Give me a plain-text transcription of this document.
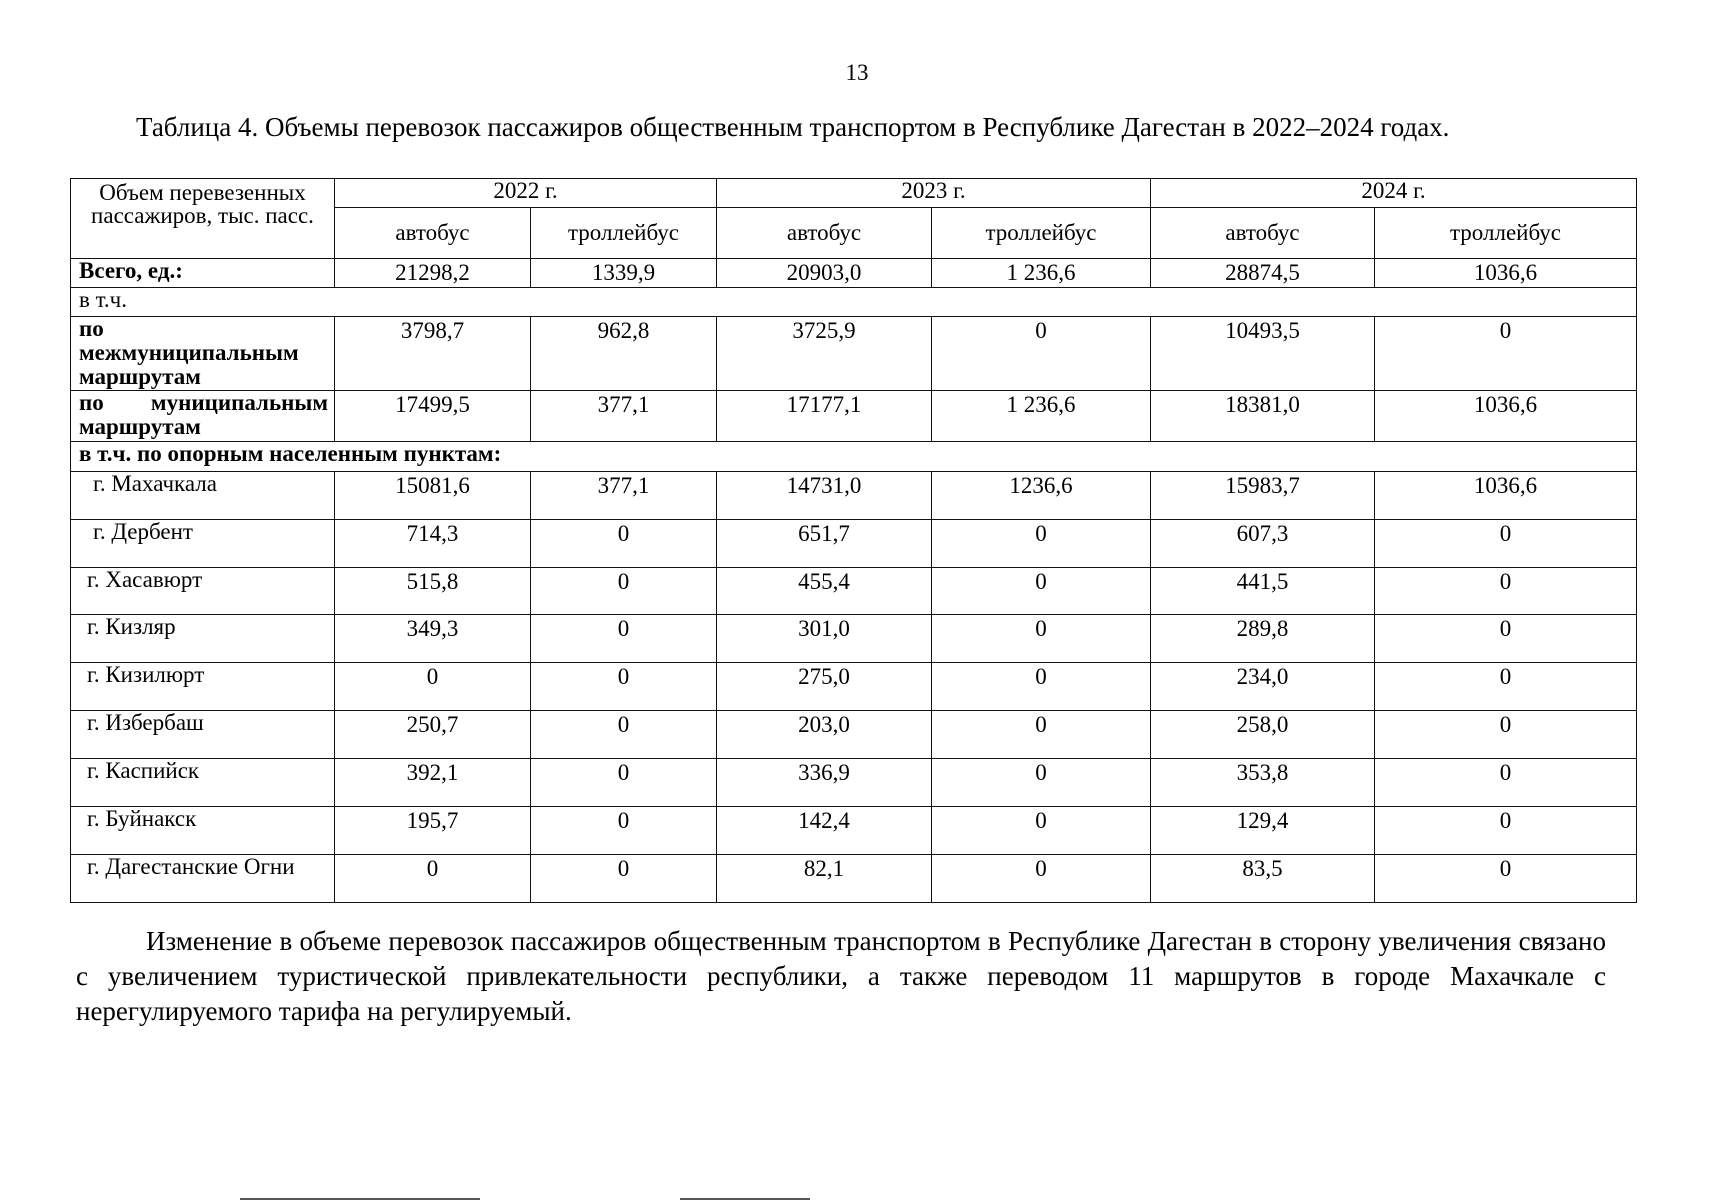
13
Таблица 4. Объемы перевозок пассажиров общественным транспортом в Республике Дагестан в 2022–2024 годах.
Объем перевезенных пассажиров, тыс. пасс.	2022 г.		2023 г.		2024 г.	
	автобус	троллейбус	автобус	троллейбус	автобус	троллейбус
Всего, ед.:	21298,2	1339,9	20903,0	1 236,6	28874,5	1036,6
в т.ч.						
по межмуниципальным маршрутам	3798,7	962,8	3725,9	0	10493,5	0
по муниципальным маршрутам	17499,5	377,1	17177,1	1 236,6	18381,0	1036,6
в т.ч. по опорным населенным пунктам:						
г. Махачкала	15081,6	377,1	14731,0	1236,6	15983,7	1036,6
г. Дербент	714,3	0	651,7	0	607,3	0
г. Хасавюрт	515,8	0	455,4	0	441,5	0
г. Кизляр	349,3	0	301,0	0	289,8	0
г. Кизилюрт	0	0	275,0	0	234,0	0
г. Избербаш	250,7	0	203,0	0	258,0	0
г. Каспийск	392,1	0	336,9	0	353,8	0
г. Буйнакск	195,7	0	142,4	0	129,4	0
г. Дагестанские Огни	0	0	82,1	0	83,5	0
Изменение в объеме перевозок пассажиров общественным транспортом в Республике Дагестан в сторону увеличения связано с увеличением туристической привлекательности республики, а также переводом 11 маршрутов в городе Махачкале с нерегулируемого тарифа на регулируемый.
